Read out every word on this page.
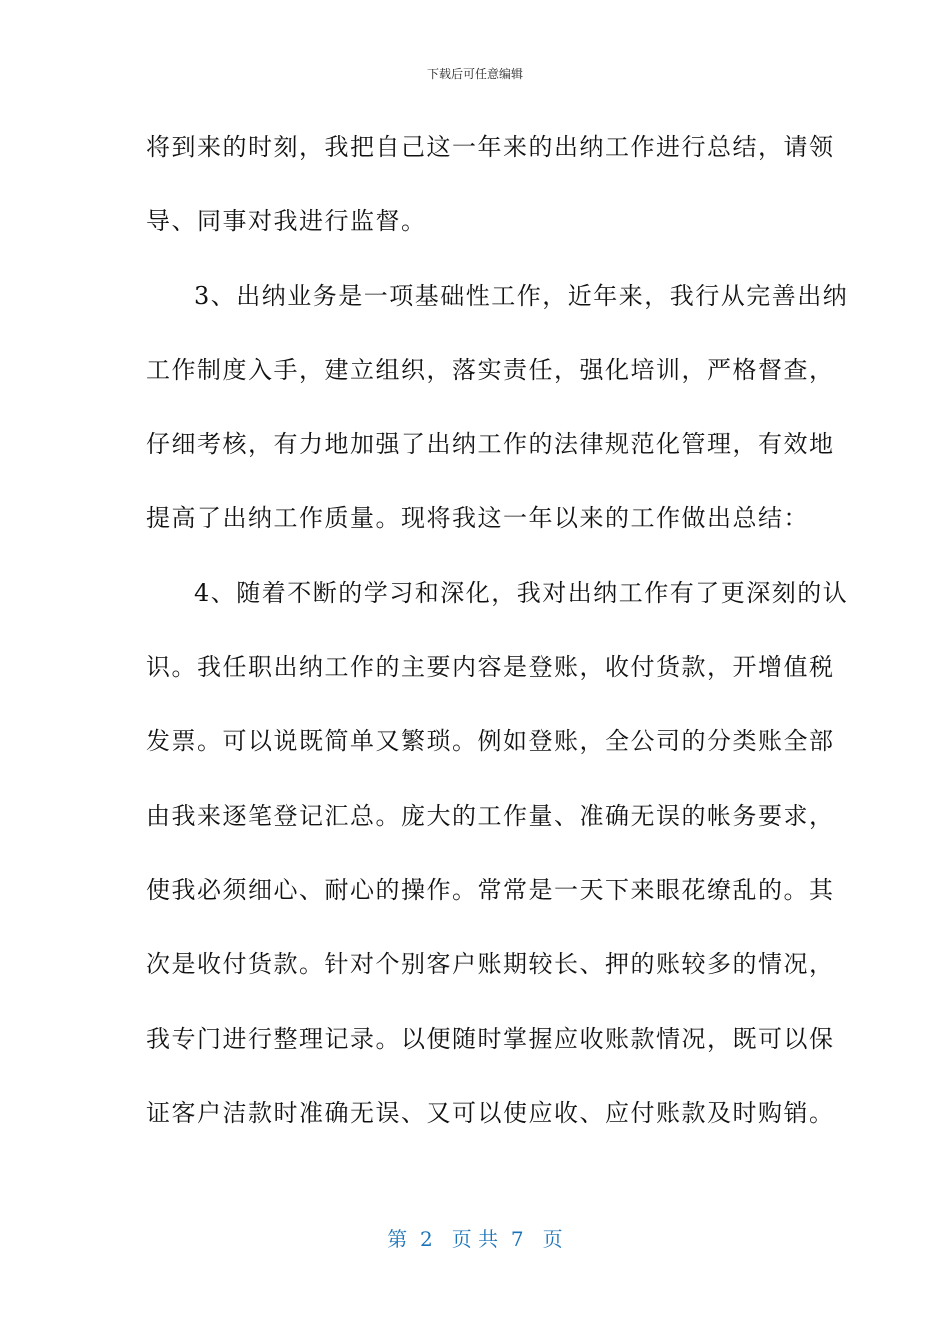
下载后可任意编辑
将到来的时刻，我把自己这一年来的出纳工作进行总结，请领
导、同事对我进行监督。
3、出纳业务是一项基础性工作，近年来，我行从完善出纳
工作制度入手，建立组织，落实责任，强化培训，严格督查，
仔细考核，有力地加强了出纳工作的法律规范化管理，有效地
提高了出纳工作质量。现将我这一年以来的工作做出总结：
4、随着不断的学习和深化，我对出纳工作有了更深刻的认
识。我任职出纳工作的主要内容是登账，收付货款，开增值税
发票。可以说既简单又繁琐。例如登账，全公司的分类账全部
由我来逐笔登记汇总。庞大的工作量、准确无误的帐务要求，
使我必须细心、耐心的操作。常常是一天下来眼花缭乱的。其
次是收付货款。针对个别客户账期较长、押的账较多的情况，
我专门进行整理记录。以便随时掌握应收账款情况，既可以保
证客户洁款时准确无误、又可以使应收、应付账款及时购销。
第  2   页 共  7   页
